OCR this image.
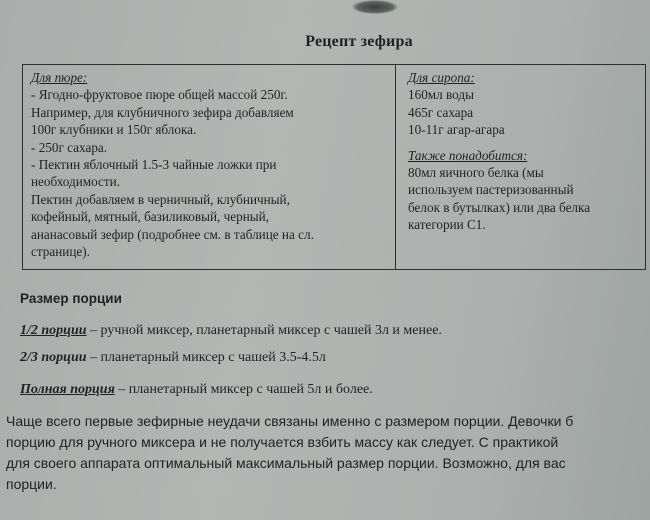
Рецепт зефира
Для пюре:
- Ягодно-фруктовое пюре общей массой 250г.
Например, для клубничного зефира добавляем
100г клубники и 150г яблока.
- 250г сахара.
- Пектин яблочный 1.5-3 чайные ложки при
необходимости.
Пектин добавляем в черничный, клубничный,
кофейный, мятный, базиликовый, черный,
ананасовый зефир (подробнее см. в таблице на сл.
странице).
Для сиропа:
160мл воды
465г сахара
10-11г агар-агара
Также понадобится:
80мл яичного белка (мы
используем пастеризованный
белок в бутылках) или два белка
категории С1.
Размер порции
1/2 порции – ручной миксер, планетарный миксер с чашей 3л и менее.
2/3 порции – планетарный миксер с чашей 3.5-4.5л
Полная порция – планетарный миксер с чашей 5л и более.
Чаще всего первые зефирные неудачи связаны именно с размером порции. Девочки б
порцию для ручного миксера и не получается взбить массу как следует. С практикой
для своего аппарата оптимальный максимальный размер порции. Возможно, для вас
порции.
